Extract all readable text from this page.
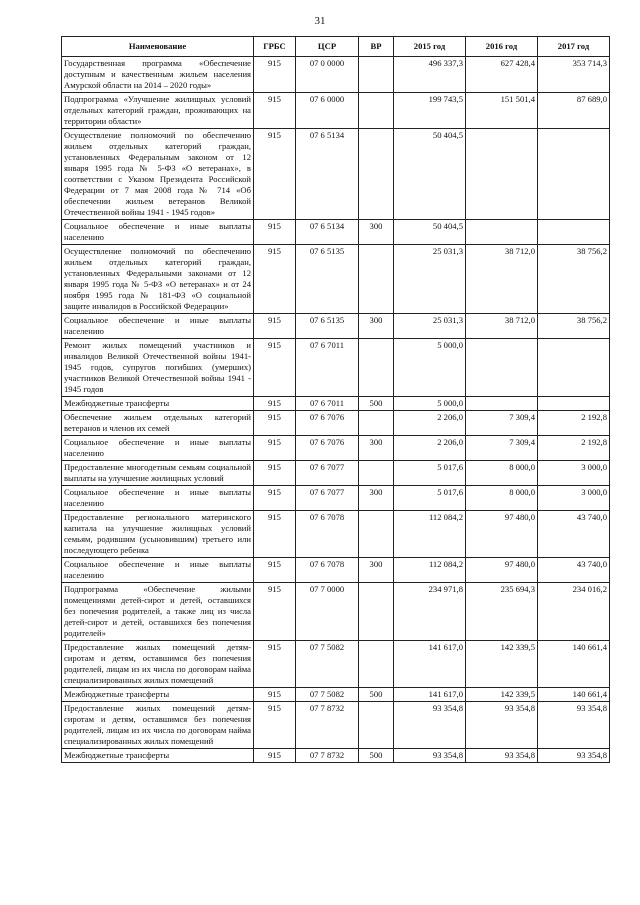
31
Наименование	ГРБС	ЦСР	ВР	2015 год	2016 год	2017 год
Государственная программа «Обеспечение доступным и качественным жильем населения Амурской области на 2014 – 2020 годы»	915	07 0 0000		496 337,3	627 428,4	353 714,3
Подпрограмма «Улучшение жилищных условий отдельных категорий граждан, проживающих на территории области»	915	07 6 0000		199 743,5	151 501,4	87 689,0
Осуществление полномочий по обеспечению жильем отдельных категорий граждан, установленных Федеральным законом от 12 января 1995 года № 5-ФЗ «О ветеранах», в соответствии с Указом Президента Российской Федерации от 7 мая 2008 года № 714 «Об обеспечении жильем ветеранов Великой Отечественной войны 1941 - 1945 годов»	915	07 6 5134		50 404,5		
Социальное обеспечение и иные выплаты населению	915	07 6 5134	300	50 404,5		
Осуществление полномочий по обеспечению жильем отдельных категорий граждан, установленных Федеральными законами от 12 января 1995 года № 5-ФЗ «О ветеранах» и от 24 ноября 1995 года № 181-ФЗ «О социальной защите инвалидов в Российской Федерации»	915	07 6 5135		25 031,3	38 712,0	38 756,2
Социальное обеспечение и иные выплаты населению	915	07 6 5135	300	25 031,3	38 712,0	38 756,2
Ремонт жилых помещений участников и инвалидов Великой Отечественной войны 1941-1945 годов, супругов погибших (умерших) участников Великой Отечественной войны 1941 - 1945 годов	915	07 6 7011		5 000,0		
Межбюджетные трансферты	915	07 6 7011	500	5 000,0		
Обеспечение жильем отдельных категорий ветеранов и членов их семей	915	07 6 7076		2 206,0	7 309,4	2 192,8
Социальное обеспечение и иные выплаты населению	915	07 6 7076	300	2 206,0	7 309,4	2 192,8
Предоставление многодетным семьям социальной выплаты на улучшение жилищных условий	915	07 6 7077		5 017,6	8 000,0	3 000,0
Социальное обеспечение и иные выплаты населению	915	07 6 7077	300	5 017,6	8 000,0	3 000,0
Предоставление регионального материнского капитала на улучшение жилищных условий семьям, родившим (усыновившим) третьего или последующего ребенка	915	07 6 7078		112 084,2	97 480,0	43 740,0
Социальное обеспечение и иные выплаты населению	915	07 6 7078	300	112 084,2	97 480,0	43 740,0
Подпрограмма «Обеспечение жилыми помещениями детей-сирот и детей, оставшихся без попечения родителей, а также лиц из числа детей-сирот и детей, оставшихся без попечения родителей»	915	07 7 0000		234 971,8	235 694,3	234 016,2
Предоставление жилых помещений детям-сиротам и детям, оставшимся без попечения родителей, лицам из их числа по договорам найма специализированных жилых помещений	915	07 7 5082		141 617,0	142 339,5	140 661,4
Межбюджетные трансферты	915	07 7 5082	500	141 617,0	142 339,5	140 661,4
Предоставление жилых помещений детям-сиротам и детям, оставшимся без попечения родителей, лицам из их числа по договорам найма специализированных жилых помещений	915	07 7 8732		93 354,8	93 354,8	93 354,8
Межбюджетные трансферты	915	07 7 8732	500	93 354,8	93 354,8	93 354,8
